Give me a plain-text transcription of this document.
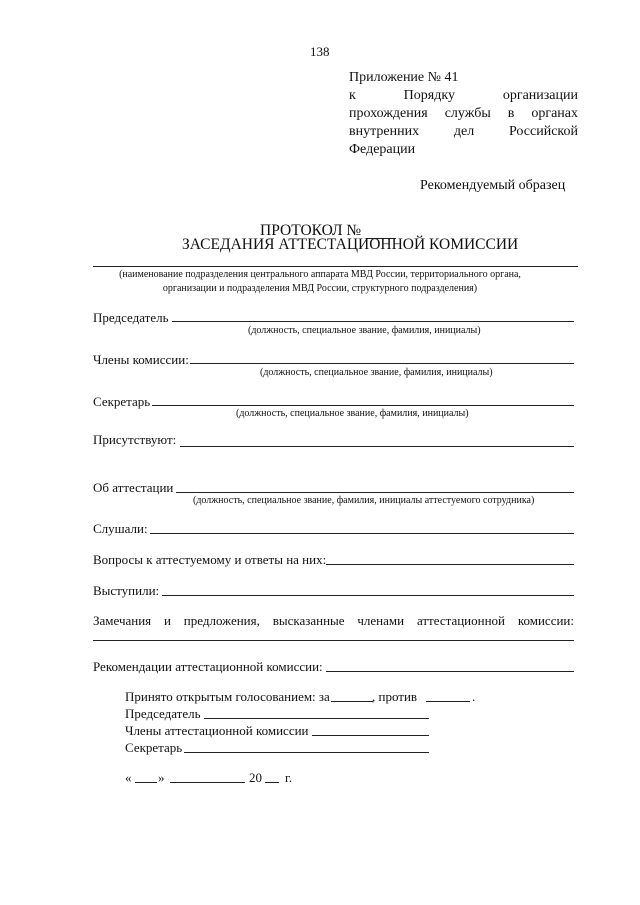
138
Приложение № 41
к Порядку организации
прохождения службы в органах
внутренних дел Российской
Федерации
Рекомендуемый образец
ПРОТОКОЛ №
ЗАСЕДАНИЯ АТТЕСТАЦИОННОЙ КОМИССИИ
(наименование подразделения центрального аппарата МВД России, территориального органа,
организации и подразделения МВД России, структурного подразделения)
Председатель
(должность, специальное звание, фамилия, инициалы)
Члены комиссии:
(должность, специальное звание, фамилия, инициалы)
Секретарь
(должность, специальное звание, фамилия, инициалы)
Присутствуют:
Об аттестации
(должность, специальное звание, фамилия, инициалы аттестуемого сотрудника)
Слушали:
Вопросы к аттестуемому и ответы на них:
Выступили:
Замечания и предложения, высказанные членами аттестационной комиссии:
Рекомендации аттестационной комиссии:
Принято открытым голосованием: за	, против	.
Председатель
Члены аттестационной комиссии
Секретарь
« »	20 г.
